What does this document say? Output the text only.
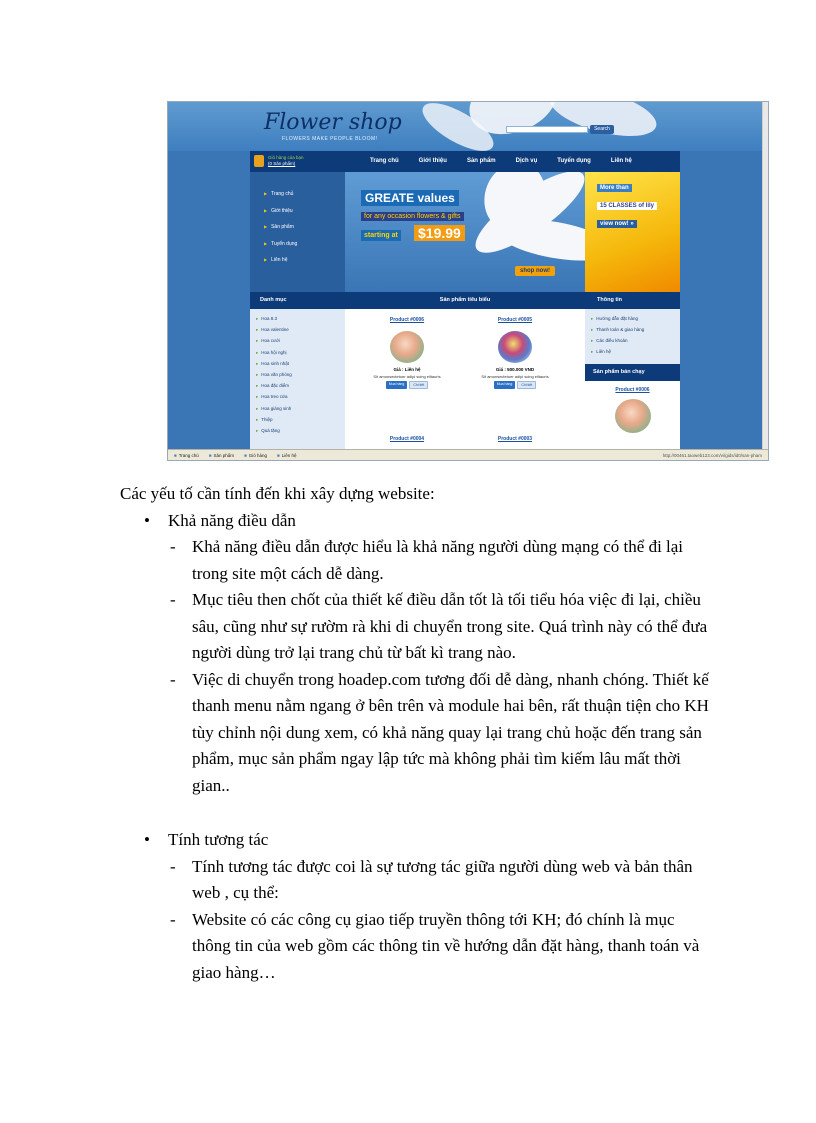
Flower shop
FLOWERS MAKE PEOPLE BLOOM!
Search
Giỏ hàng của bạn
(0 Sản phẩm)	Trang chủ	Giới thiệu	Sản phẩm	Dịch vụ	Tuyển dụng	Liên hệ
▶ Trang chủ
▶ Giới thiệu
▶ Sản phẩm
▶ Tuyển dụng
▶ Liên hệ
GREATE values
for any occasion flowers & gifts
starting at $19.99
shop now!
More than
15 CLASSES of lily
view now! »
Danh mục	Sản phẩm tiêu biểu	Thông tin
▸ Hoa 8.3
▸ Hoa valentine
▸ Hoa cưới
▸ Hoa hội nghị
▸ Hoa sinh nhật
▸ Hoa văn phòng
▸ Hoa đặc điểm
▸ Hoa treo cửa
▸ Hoa giáng sinh
▸ Thiệp
▸ Quà tặng
Product #0006
Giá : Liên hệ
Sit amonsectetuer adipi scing elitauris
Mua hàng	Chi tiết
Product #0005
Giá : 500.000 VND
Sit amonsectetuer adipi scing elitauris
Mua hàng	Chi tiết
Product #0004	Product #0003
▸ Hướng dẫn đặt hàng
▸ Thanh toán & giao hàng
▸ Các điều khoản
▸ Liên hệ
Sản phẩm bán chạy
Product #0006
■ Trang chủ	■ Sản phẩm	■ Giỏ hàng	■ Liên hệ	http://00461.taoweb123.com/vi/gids/id0/san-pham

Các yếu tố cần tính đến khi xây dựng website:

• Khả năng điều dẫn

- Khả năng điều dẫn được hiểu là khả năng người dùng mạng có thể đi lại trong site một cách dễ dàng.

- Mục tiêu then chốt của thiết kế điều dẫn tốt là tối tiểu hóa việc đi lại, chiều sâu, cũng như sự rườm rà khi di chuyển trong site. Quá trình này có thể đưa người dùng trở lại trang chủ từ bất kì trang nào.

- Việc di chuyển trong hoadep.com tương đối dễ dàng, nhanh chóng. Thiết kế thanh menu nằm ngang ở bên trên và module hai bên, rất thuận tiện cho KH tùy chỉnh nội dung xem, có khả năng quay lại trang chủ hoặc đến trang sản phẩm, mục sản phẩm ngay lập tức mà không phải tìm kiếm lâu mất thời gian..

• Tính tương tác

- Tính tương tác được coi là sự tương tác giữa người dùng web và bản thân web , cụ thể:

- Website có các công cụ giao tiếp truyền thông tới KH; đó chính là mục thông tin của web gồm các thông tin về hướng dẫn đặt hàng, thanh toán và giao hàng…
